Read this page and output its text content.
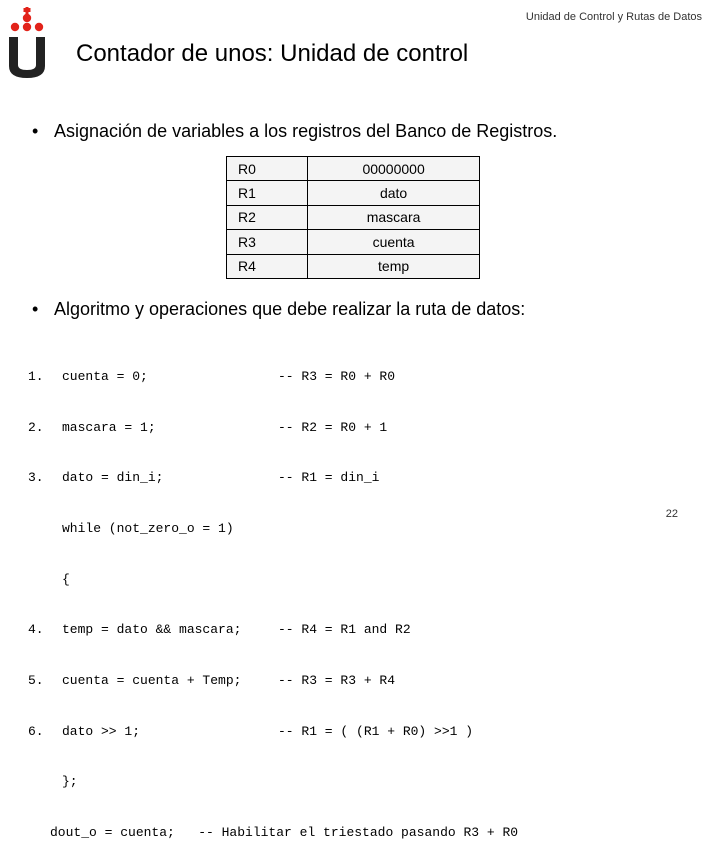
Unidad de Control y Rutas de Datos
Contador de unos: Unidad de control
• Asignación de variables a los registros del Banco de Registros.
R0	00000000
R1	dato
R2	mascara
R3	cuenta
R4	temp
• Algoritmo y operaciones que debe realizar la ruta de datos:

1. cuenta = 0;	-- R3 = R0 + R0

2. mascara = 1;	-- R2 = R0 + 1

3. dato = din_i;	-- R1 = din_i

while (not_zero_o = 1)

{

4. temp = dato && mascara;	-- R4 = R1 and R2

5. cuenta = cuenta + Temp;	-- R3 = R3 + R4

6. dato >> 1;	-- R1 = ( (R1 + R0) >>1 )

};

dout_o = cuenta;   -- Habilitar el triestado pasando R3 + R0

22
